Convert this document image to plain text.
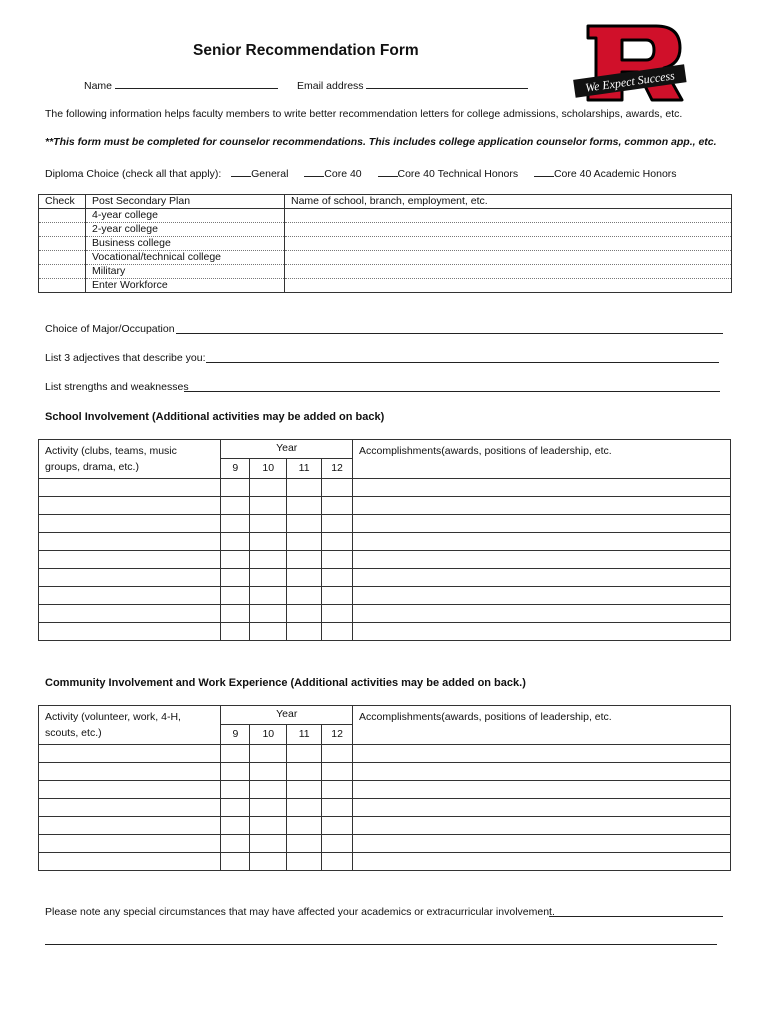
Senior Recommendation Form
We Expect Success
Name	Email address
The following information helps faculty members to write better recommendation letters for college admissions, scholarships, awards, etc.
**This form must be completed for counselor recommendations. This includes college application counselor forms, common app., etc.
Diploma Choice (check all that apply):	General	Core 40	Core 40 Technical Honors	Core 40 Academic Honors
Check	Post Secondary Plan	Name of school, branch, employment, etc.
	4-year college	
	2-year college	
	Business college	
	Vocational/technical college	
	Military	
	Enter Workforce	
Choice of Major/Occupation
List 3 adjectives that describe you:
List strengths and weaknesses
School Involvement (Additional activities may be added on back)
Activity (clubs, teams, music groups, drama, etc.)	Year				Accomplishments(awards, positions of leadership, etc.
	9	10	11	12	

Community Involvement and Work Experience (Additional activities may be added on back.)
Activity (volunteer, work, 4-H, scouts, etc.)	Year				Accomplishments(awards, positions of leadership, etc.
	9	10	11	12	

Please note any special circumstances that may have affected your academics or extracurricular involvement.
